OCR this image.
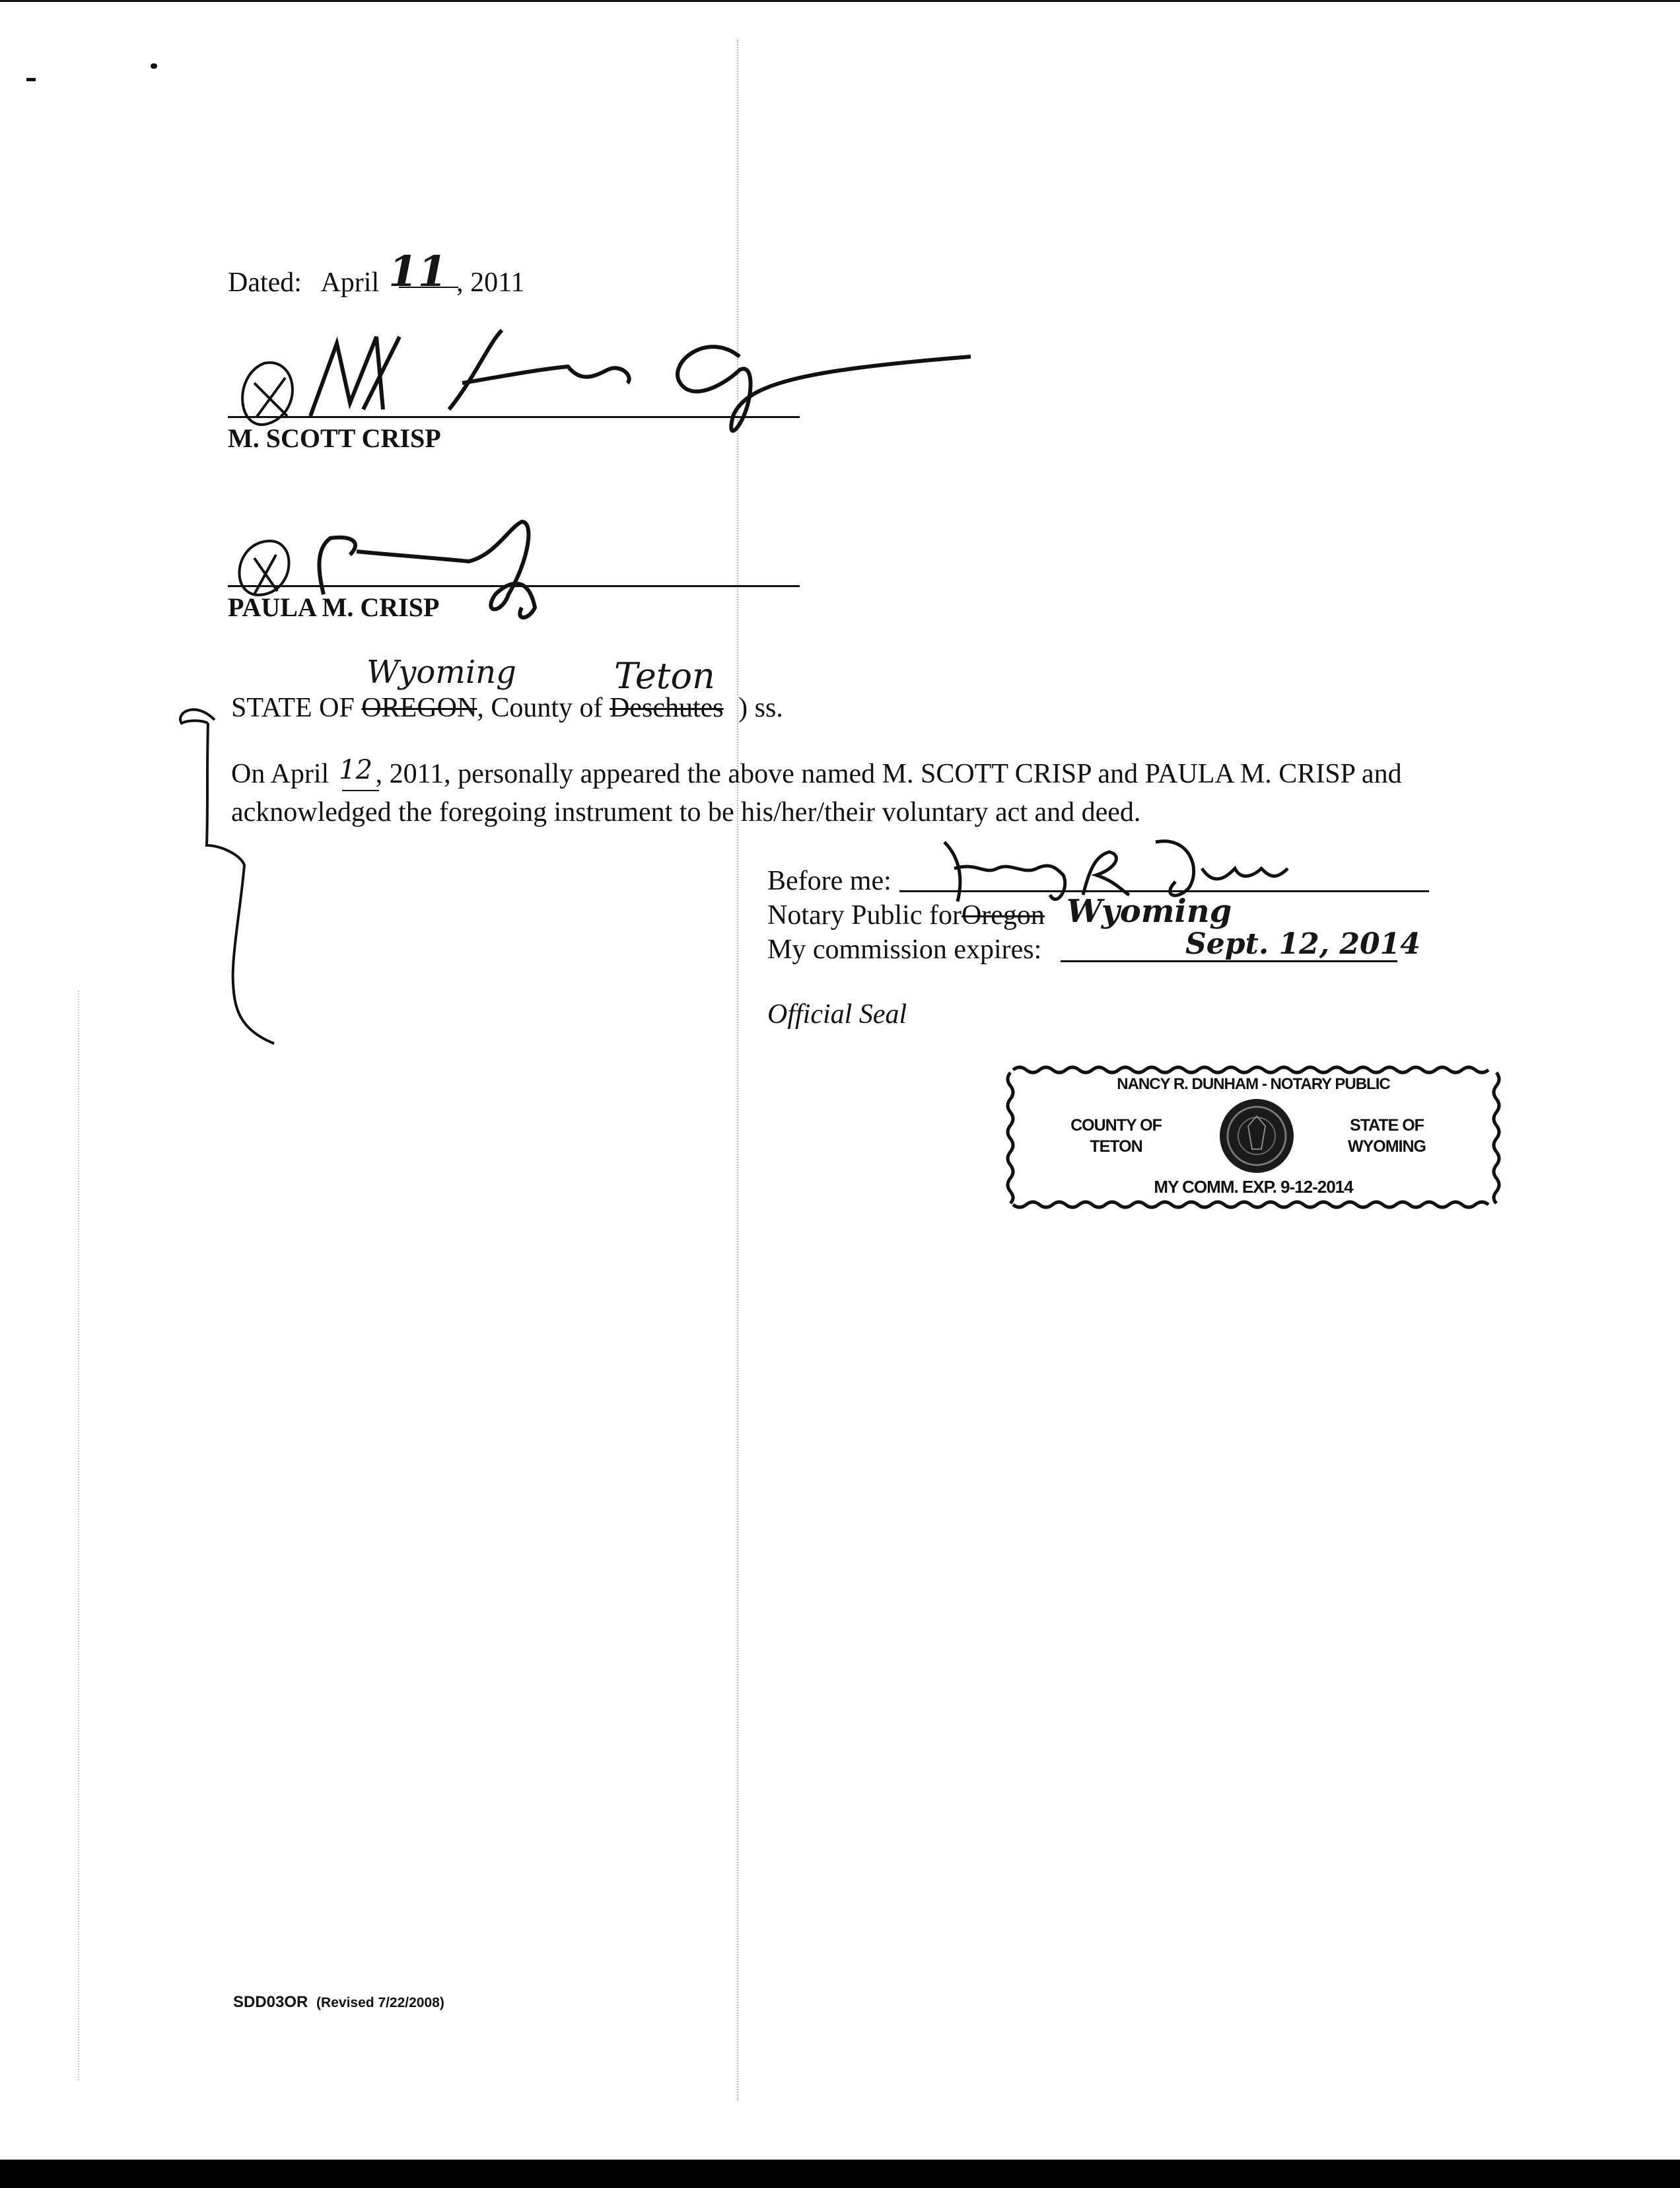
Dated: April 11 , 2011
M. SCOTT CRISP
PAULA M. CRISP
Wyoming	Teton
STATE OF OREGON, County of Deschutes ) ss.
On April 12 , 2011, personally appeared the above named M. SCOTT CRISP and PAULA M. CRISP and
acknowledged the foregoing instrument to be his/her/their voluntary act and deed.
Before me:
Notary Public forOregon Wyoming
My commission expires:	Sept. 12, 2014
Official Seal
NANCY R. DUNHAM - NOTARY PUBLIC
COUNTY OF
TETON
STATE OF
WYOMING
MY COMM. EXP. 9-12-2014
SDD03OR (Revised 7/22/2008)
